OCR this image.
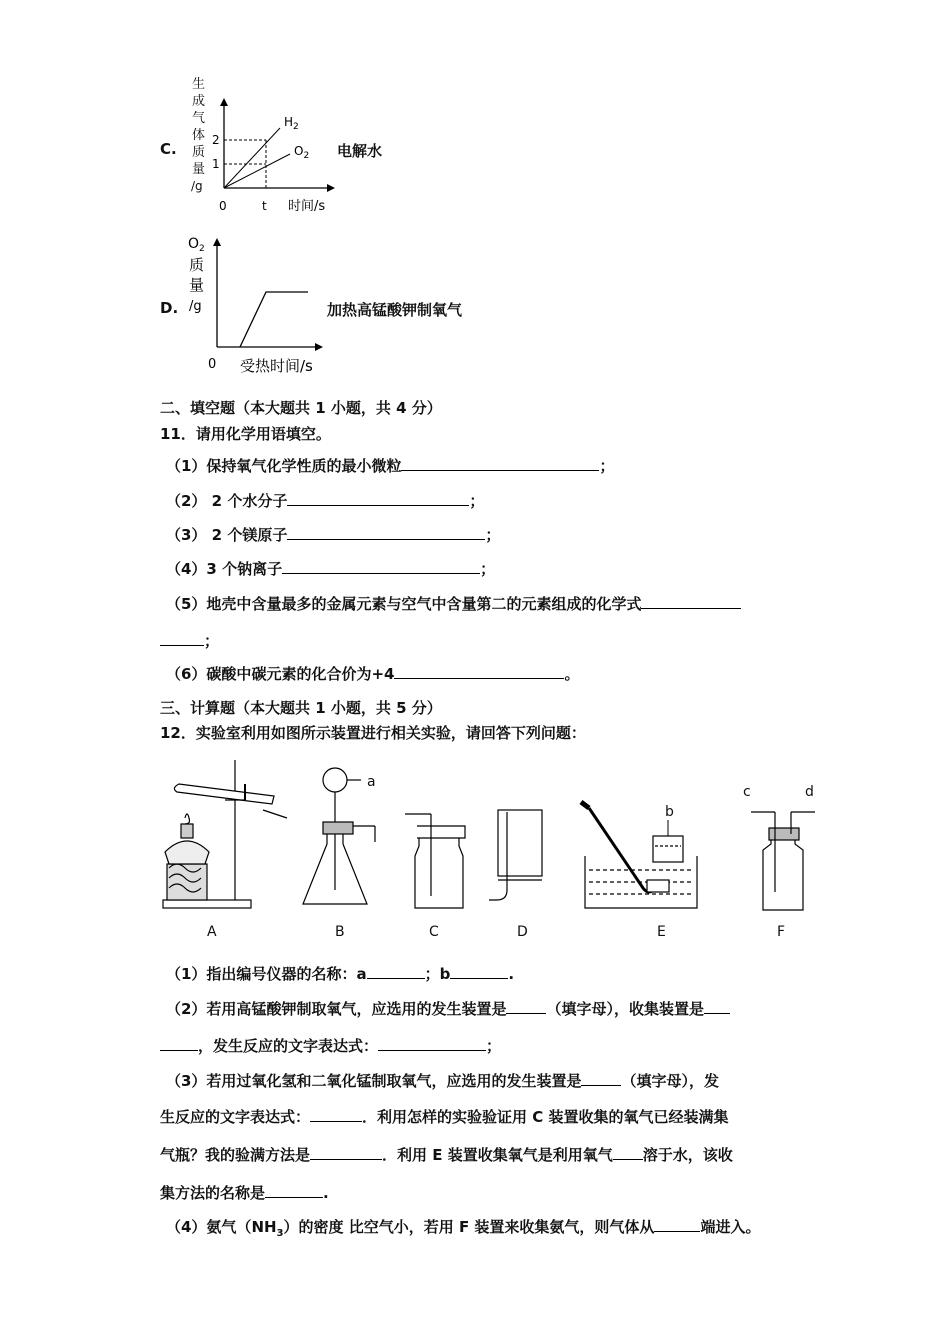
C.
生
成
气
体
质
量
/g
$H_2$
$O_2$
2
1
0	t 时间/s
电解水
D.
$O_2$
质
量
/g
0 受热时间/s
加热高锰酸钾制氧气
二、填空题（本大题共 1 小题，共 4 分）
11．请用化学用语填空。
（1）保持氧气化学性质的最小微粒	；
（2） 2 个水分子	；
（3） 2 个镁原子	；
（4）3 个钠离子	；
（5）地壳中含量最多的金属元素与空气中含量第二的元素组成的化学式
；
（6）碳酸中碳元素的化合价为+4	。
三、计算题（本大题共 1 小题，共 5 分）
12．实验室利用如图所示装置进行相关实验，请回答下列问题：
a
b
c	d
A	B	C	D	E	F
（1）指出编号仪器的名称：a	；b	.
（2）若用高锰酸钾制取氧气，应选用的发生装置是	（填字母），收集装置是
，发生反应的文字表达式：	；
（3）若用过氧化氢和二氧化锰制取氧气，应选用的发生装置是	（填字母），发
生反应的文字表达式：	．利用怎样的实验验证用 C 装置收集的氧气已经装满集
气瓶？我的验满方法是	．利用 E 装置收集氧气是利用氧气 溶于水，该收
集方法的名称是	.
（4）氨气$(NH_3)$的密度 比空气小，若用 F 装置来收集氨气，则气体从	端进入。
